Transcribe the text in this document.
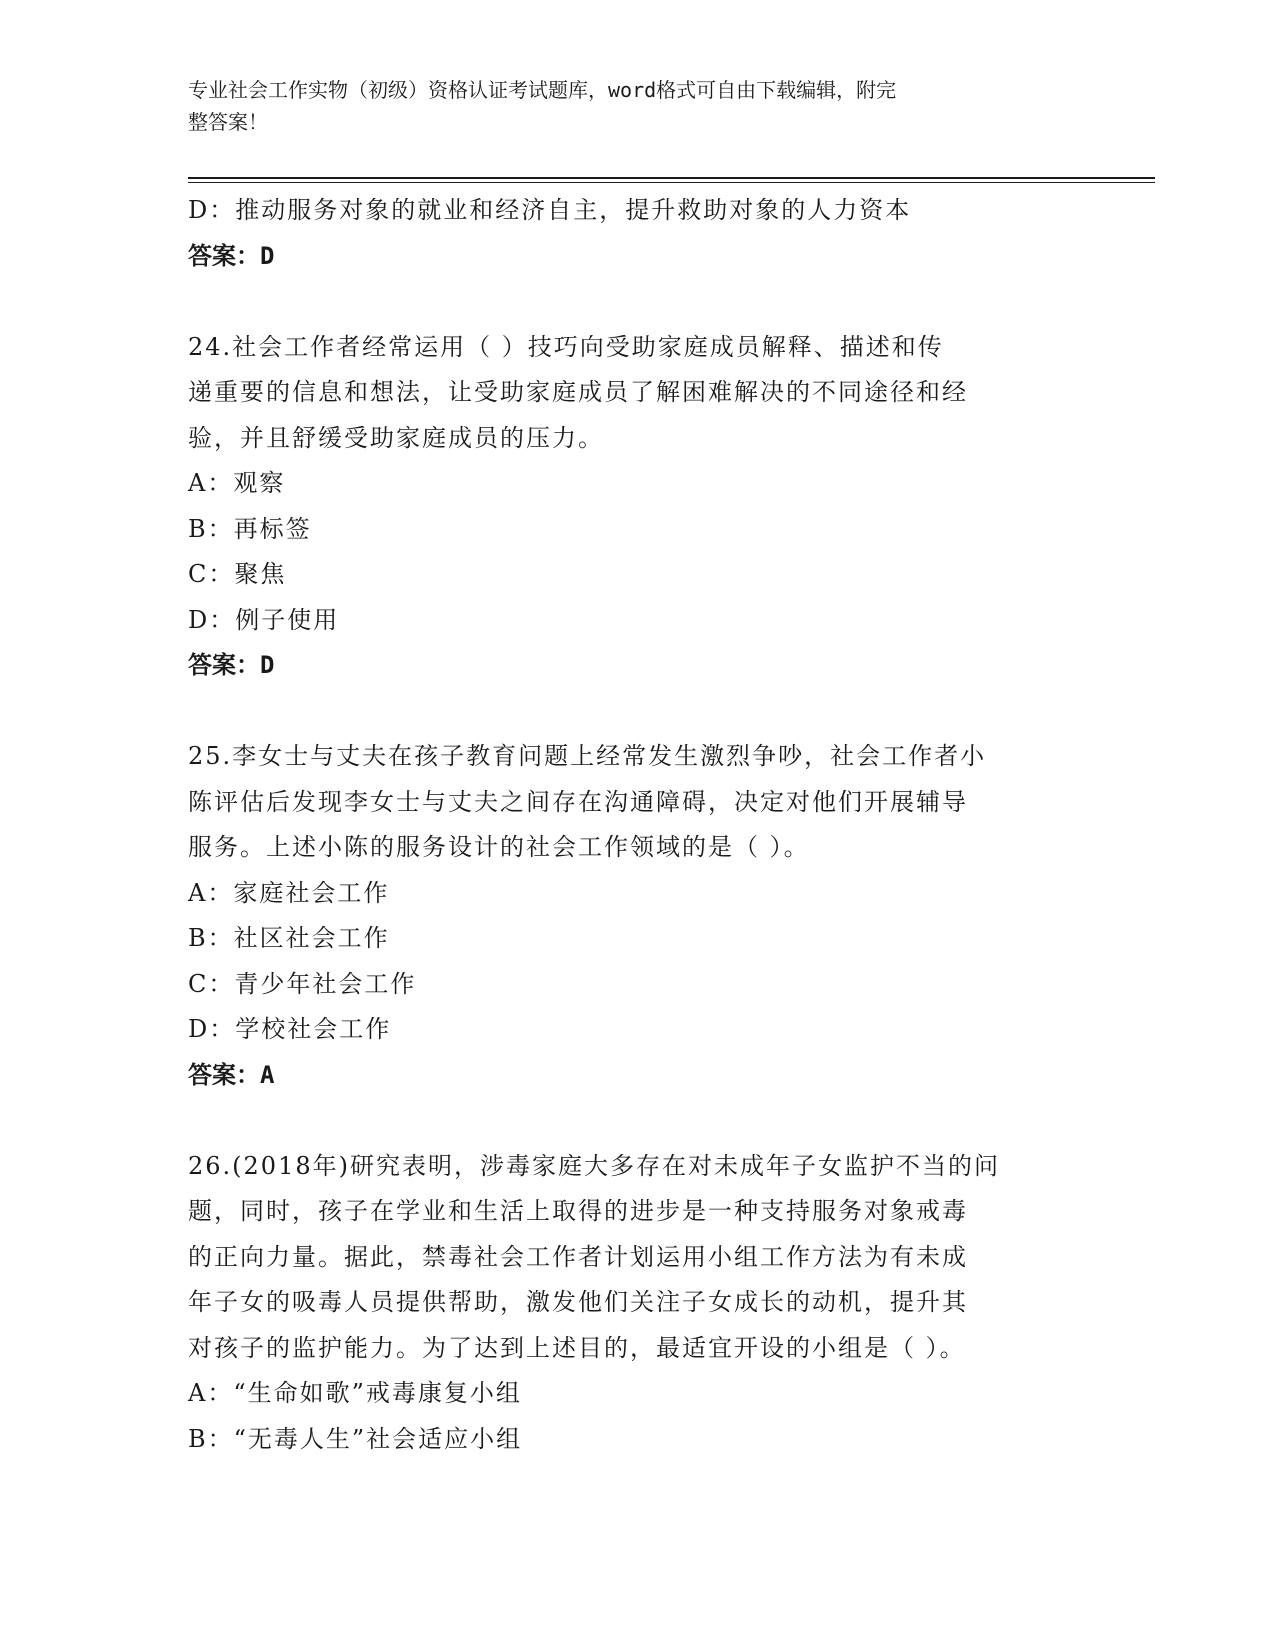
专业社会工作实物（初级）资格认证考试题库，word格式可自由下载编辑，附完
整答案！
D：推动服务对象的就业和经济自主，提升救助对象的人力资本
答案：D
24.社会工作者经常运用（ ）技巧向受助家庭成员解释、描述和传
递重要的信息和想法，让受助家庭成员了解困难解决的不同途径和经
验，并且舒缓受助家庭成员的压力。
A：观察
B：再标签
C：聚焦
D：例子使用
答案：D
25.李女士与丈夫在孩子教育问题上经常发生激烈争吵，社会工作者小
陈评估后发现李女士与丈夫之间存在沟通障碍，决定对他们开展辅导
服务。上述小陈的服务设计的社会工作领域的是（ ）。
A：家庭社会工作
B：社区社会工作
C：青少年社会工作
D：学校社会工作
答案：A
26.(2018年)研究表明，涉毒家庭大多存在对未成年子女监护不当的问
题，同时，孩子在学业和生活上取得的进步是一种支持服务对象戒毒
的正向力量。据此，禁毒社会工作者计划运用小组工作方法为有未成
年子女的吸毒人员提供帮助，激发他们关注子女成长的动机，提升其
对孩子的监护能力。为了达到上述目的，最适宜开设的小组是（ ）。
A：“生命如歌”戒毒康复小组
B：“无毒人生”社会适应小组
